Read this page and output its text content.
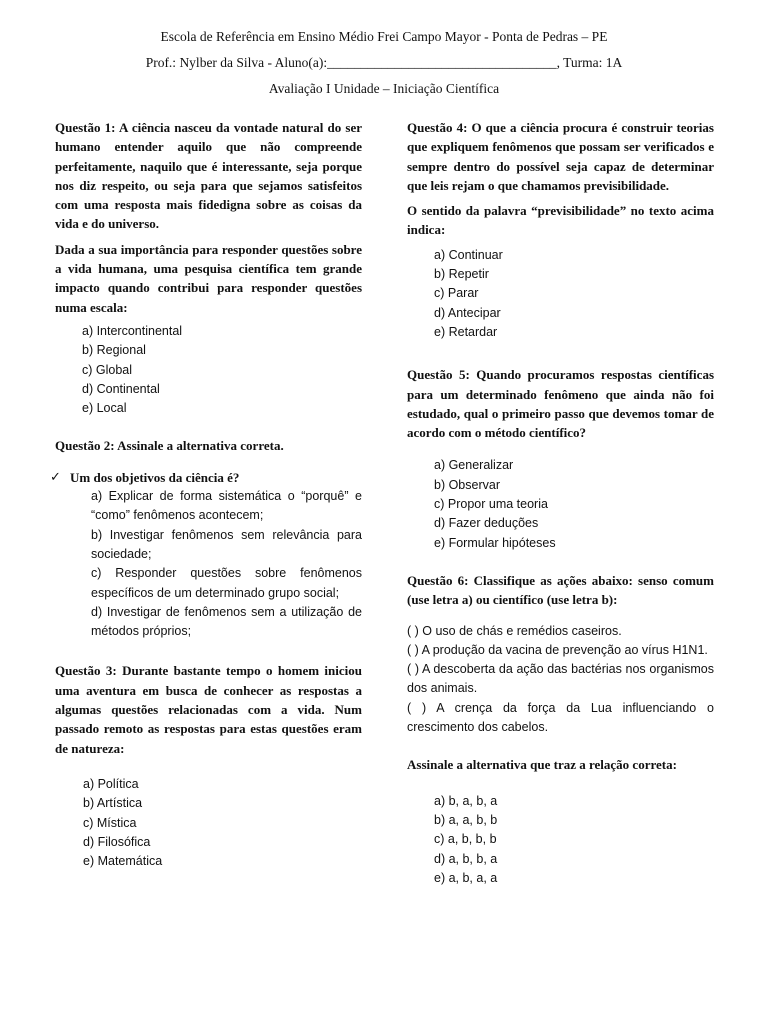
Escola de Referência em Ensino Médio Frei Campo Mayor - Ponta de Pedras – PE
Prof.: Nylber da Silva - Aluno(a):__________________________________, Turma: 1A
Avaliação I Unidade – Iniciação Científica

Questão 1: A ciência nasceu da vontade natural do ser humano entender aquilo que não compreende perfeitamente, naquilo que é interessante, seja porque nos diz respeito, ou seja para que sejamos satisfeitos com uma resposta mais fidedigna sobre as coisas da vida e do universo.

Dada a sua importância para responder questões sobre a vida humana, uma pesquisa científica tem grande impacto quando contribui para responder questões numa escala:

a) Intercontinental
b) Regional
c) Global
d) Continental
e) Local

Questão 2: Assinale a alternativa correta.

✓ Um dos objetivos da ciência é?

a) Explicar de forma sistemática o “porquê” e “como” fenômenos acontecem;

b) Investigar fenômenos sem relevância para sociedade;

c) Responder questões sobre fenômenos específicos de um determinado grupo social;

d) Investigar de fenômenos sem a utilização de métodos próprios;

Questão 3: Durante bastante tempo o homem iniciou uma aventura em busca de conhecer as respostas a algumas questões relacionadas com a vida. Num passado remoto as respostas para estas questões eram de natureza:

a) Política
b) Artística
c) Mística
d) Filosófica
e) Matemática

Questão 4: O que a ciência procura é construir teorias que expliquem fenômenos que possam ser verificados e sempre dentro do possível seja capaz de determinar que leis rejam o que chamamos previsibilidade.

O sentido da palavra “previsibilidade” no texto acima indica:

a) Continuar
b) Repetir
c) Parar
d) Antecipar
e) Retardar

Questão 5: Quando procuramos respostas científicas para um determinado fenômeno que ainda não foi estudado, qual o primeiro passo que devemos tomar de acordo com o método científico?

a) Generalizar
b) Observar
c) Propor uma teoria
d) Fazer deduções
e) Formular hipóteses

Questão 6: Classifique as ações abaixo: senso comum (use letra a) ou científico (use letra b):

( ) O uso de chás e remédios caseiros.

( ) A produção da vacina de prevenção ao vírus H1N1.

( ) A descoberta da ação das bactérias nos organismos dos animais.

( ) A crença da força da Lua influenciando o crescimento dos cabelos.

Assinale a alternativa que traz a relação correta:

a) b, a, b, a
b) a, a, b, b
c) a, b, b, b
d) a, b, b, a
e) a, b, a, a
